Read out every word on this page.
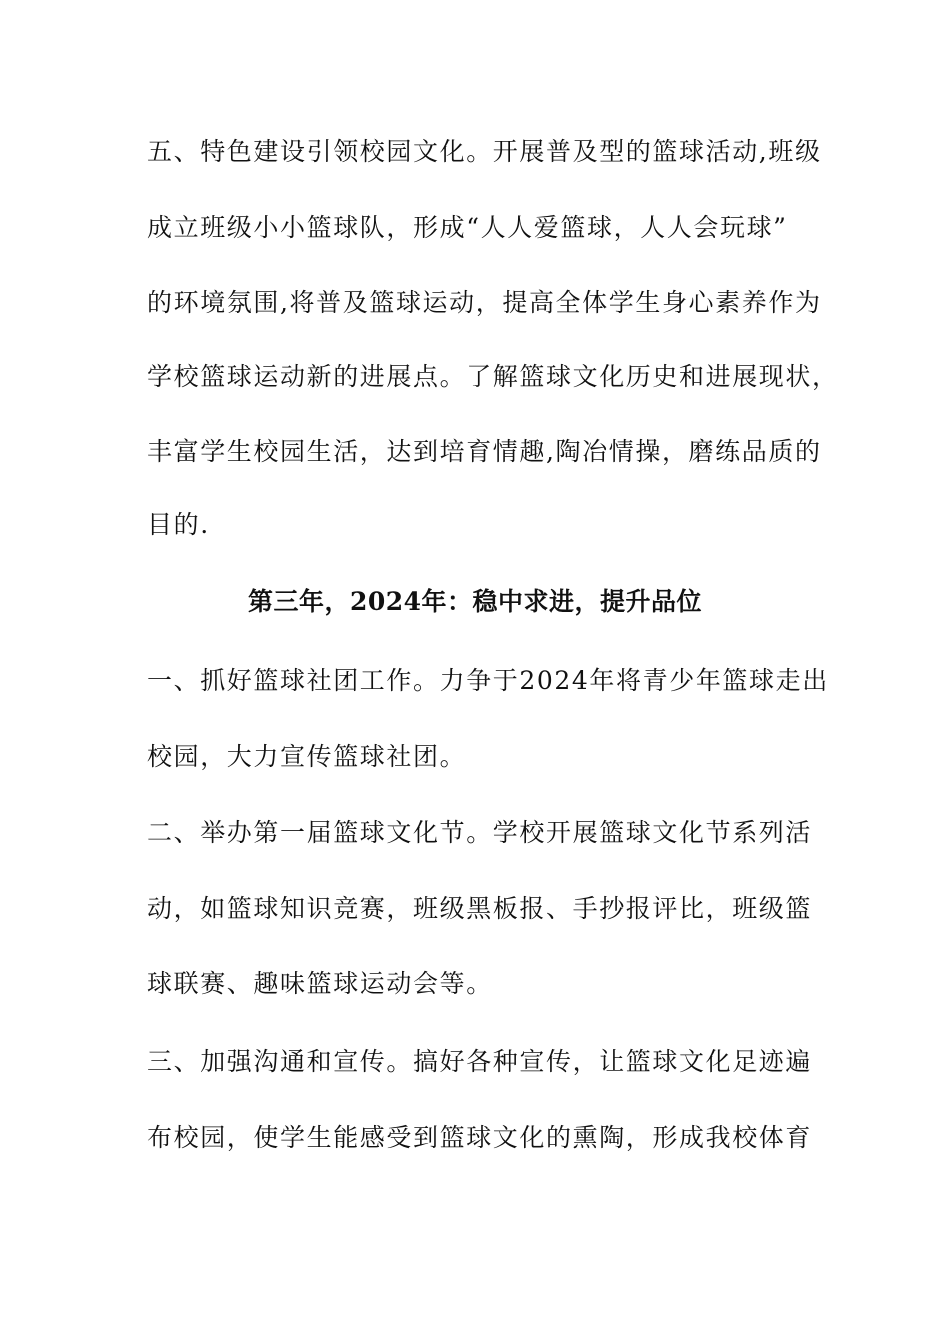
五、特色建设引领校园文化。开展普及型的篮球活动,班级
成立班级小小篮球队，形成“人人爱篮球，人人会玩球”
的环境氛围,将普及篮球运动，提高全体学生身心素养作为
学校篮球运动新的进展点。了解篮球文化历史和进展现状，
丰富学生校园生活，达到培育情趣,陶冶情操，磨练品质的
目的.
第三年，2024年：稳中求进，提升品位
一、抓好篮球社团工作。力争于2024年将青少年篮球走出
校园，大力宣传篮球社团。
二、举办第一届篮球文化节。学校开展篮球文化节系列活
动，如篮球知识竞赛，班级黑板报、手抄报评比，班级篮
球联赛、趣味篮球运动会等。
三、加强沟通和宣传。搞好各种宣传，让篮球文化足迹遍
布校园，使学生能感受到篮球文化的熏陶，形成我校体育
